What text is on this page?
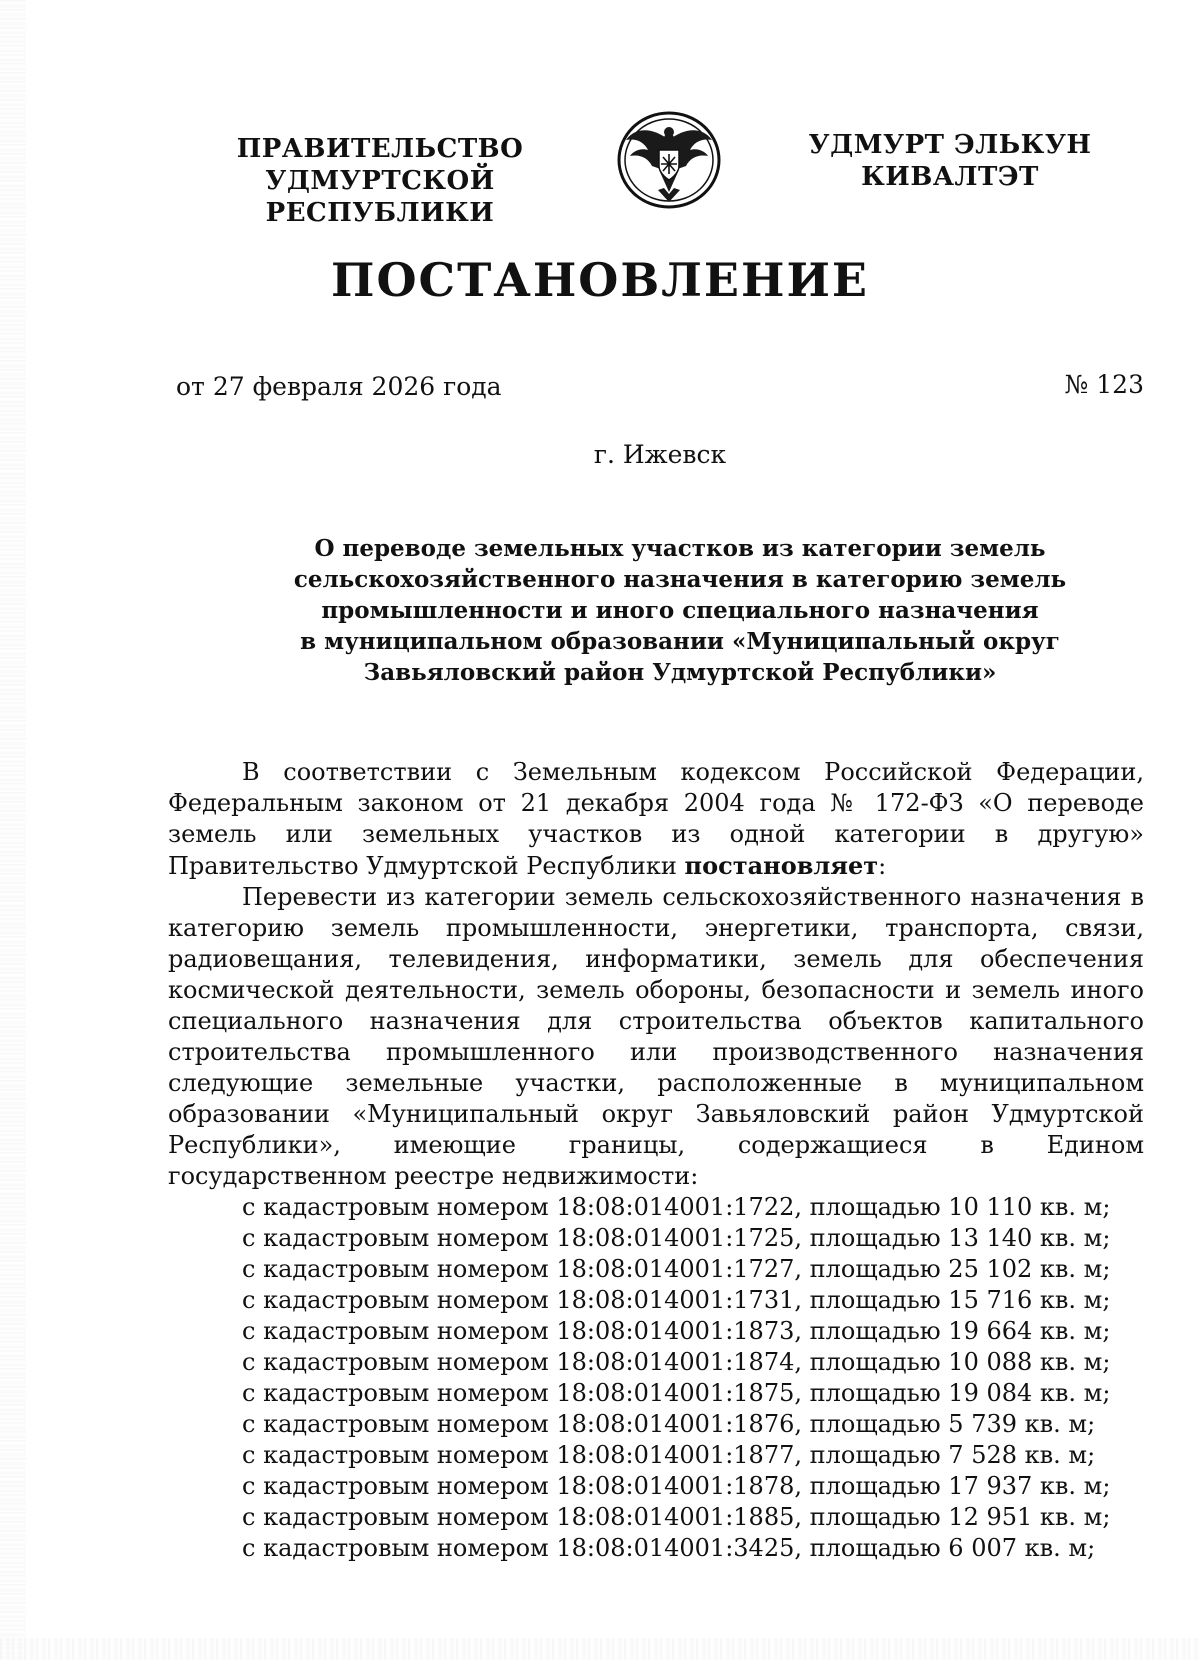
ПРАВИТЕЛЬСТВО
УДМУРТСКОЙ РЕСПУБЛИКИ
УДМУРТ ЭЛЬКУН
КИВАЛТЭТ
ПОСТАНОВЛЕНИЕ
от 27 февраля 2026 года	№ 123
г. Ижевск
О переводе земельных участков из категории земель
сельскохозяйственного назначения в категорию земель
промышленности и иного специального назначения
в муниципальном образовании «Муниципальный округ
Завьяловский район Удмуртской Республики»

В соответствии с Земельным кодексом Российской Федерации, Федеральным законом от 21 декабря 2004 года № 172-ФЗ «О переводе земель или земельных участков из одной категории в другую» Правительство Удмуртской Республики постановляет:

Перевести из категории земель сельскохозяйственного назначения в категорию земель промышленности, энергетики, транспорта, связи, радиовещания, телевидения, информатики, земель для обеспечения космической деятельности, земель обороны, безопасности и земель иного специального назначения для строительства объектов капитального строительства промышленного или производственного назначения следующие земельные участки, расположенные в муниципальном образовании «Муниципальный округ Завьяловский район Удмуртской Республики», имеющие границы, содержащиеся в Едином государственном реестре недвижимости:

с кадастровым номером 18:08:014001:1722, площадью 10 110 кв. м;
с кадастровым номером 18:08:014001:1725, площадью 13 140 кв. м;
с кадастровым номером 18:08:014001:1727, площадью 25 102 кв. м;
с кадастровым номером 18:08:014001:1731, площадью 15 716 кв. м;
с кадастровым номером 18:08:014001:1873, площадью 19 664 кв. м;
с кадастровым номером 18:08:014001:1874, площадью 10 088 кв. м;
с кадастровым номером 18:08:014001:1875, площадью 19 084 кв. м;
с кадастровым номером 18:08:014001:1876, площадью 5 739 кв. м;
с кадастровым номером 18:08:014001:1877, площадью 7 528 кв. м;
с кадастровым номером 18:08:014001:1878, площадью 17 937 кв. м;
с кадастровым номером 18:08:014001:1885, площадью 12 951 кв. м;
с кадастровым номером 18:08:014001:3425, площадью 6 007 кв. м;
